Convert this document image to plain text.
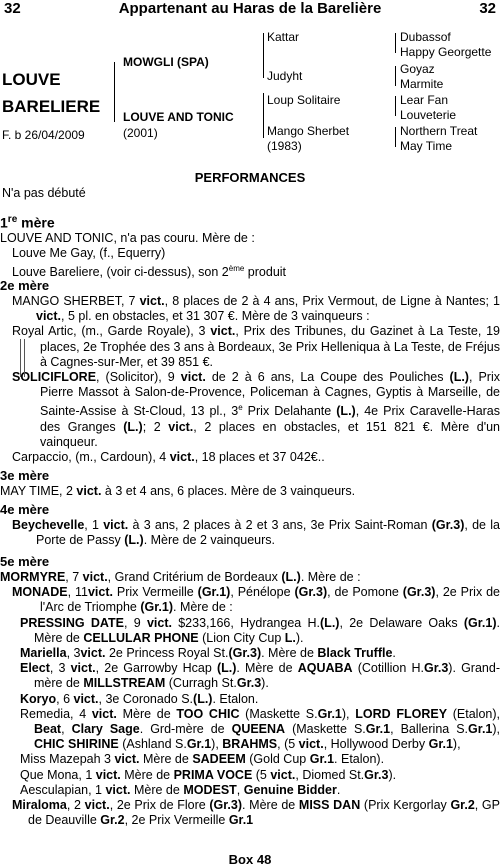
32	Appartenant au Haras de la Barelière	32
LOUVE
BARELIERE
F. b 26/04/2009
MOWGLI (SPA)
LOUVE AND TONIC
(2001)
Kattar
Judyht
Loup Solitaire
Mango Sherbet
(1983)
Dubassof
Happy Georgette
Goyaz
Marmite
Lear Fan
Louveterie
Northern Treat
May Time
PERFORMANCES
N'a pas débuté
1re mère
LOUVE AND TONIC, n'a pas couru. Mère de :
Louve Me Gay, (f., Equerry)
Louve Bareliere, (voir ci-dessus), son 2ème produit
2e mère
MANGO SHERBET, 7 vict., 8 places de 2 à 4 ans, Prix Vermout, de Ligne à Nantes; 1 vict., 5 pl. en obstacles, et 31 307 €. Mère de 3 vainqueurs :
Royal Artic, (m., Garde Royale), 3 vict., Prix des Tribunes, du Gazinet à La Teste, 19 places, 2e Trophée des 3 ans à Bordeaux, 3e Prix Helleniqua à La Teste, de Fréjus à Cagnes-sur-Mer, et 39 851 €.
SOLICIFLORE, (Solicitor), 9 vict. de 2 à 6 ans, La Coupe des Pouliches (L.), Prix Pierre Massot à Salon-de-Provence, Policeman à Cagnes, Gyptis à Marseille, de Sainte-Assise à St-Cloud, 13 pl., 3e Prix Delahante (L.), 4e Prix Caravelle-Haras des Granges (L.); 2 vict., 2 places en obstacles, et 151 821 €. Mère d'un vainqueur.
Carpaccio, (m., Cardoun), 4 vict., 18 places et 37 042€..
3e mère
MAY TIME, 2 vict. à 3 et 4 ans, 6 places. Mère de 3 vainqueurs.
4e mère
Beychevelle, 1 vict. à 3 ans, 2 places à 2 et 3 ans, 3e Prix Saint-Roman (Gr.3), de la Porte de Passy (L.). Mère de 2 vainqueurs.
5e mère
MORMYRE, 7 vict., Grand Critérium de Bordeaux (L.). Mère de :
MONADE, 11vict. Prix Vermeille (Gr.1), Pénélope (Gr.3), de Pomone (Gr.3), 2e Prix de l'Arc de Triomphe (Gr.1). Mère de :
PRESSING DATE, 9 vict. $233,166, Hydrangea H.(L.), 2e Delaware Oaks (Gr.1). Mère de CELLULAR PHONE (Lion City Cup L.).
Mariella, 3vict. 2e Princess Royal St.(Gr.3). Mère de Black Truffle.
Elect, 3 vict., 2e Garrowby Hcap (L.). Mère de AQUABA (Cotillion H.Gr.3). Grand-mère de MILLSTREAM (Curragh St.Gr.3).
Koryo, 6 vict., 3e Coronado S.(L.). Etalon.
Remedia, 4 vict. Mère de TOO CHIC (Maskette S.Gr.1), LORD FLOREY (Etalon), Beat, Clary Sage. Grd-mère de QUEENA (Maskette S.Gr.1, Ballerina S.Gr.1), CHIC SHIRINE (Ashland S.Gr.1), BRAHMS, (5 vict., Hollywood Derby Gr.1),
Miss Mazepah 3 vict. Mère de SADEEM (Gold Cup Gr.1. Etalon).
Que Mona, 1 vict. Mère de PRIMA VOCE (5 vict., Diomed St.Gr.3).
Aesculapian, 1 vict. Mère de MODEST, Genuine Bidder.
Miraloma, 2 vict., 2e Prix de Flore (Gr.3). Mère de MISS DAN (Prix Kergorlay Gr.2, GP de Deauville Gr.2, 2e Prix Vermeille Gr.1
Box 48
